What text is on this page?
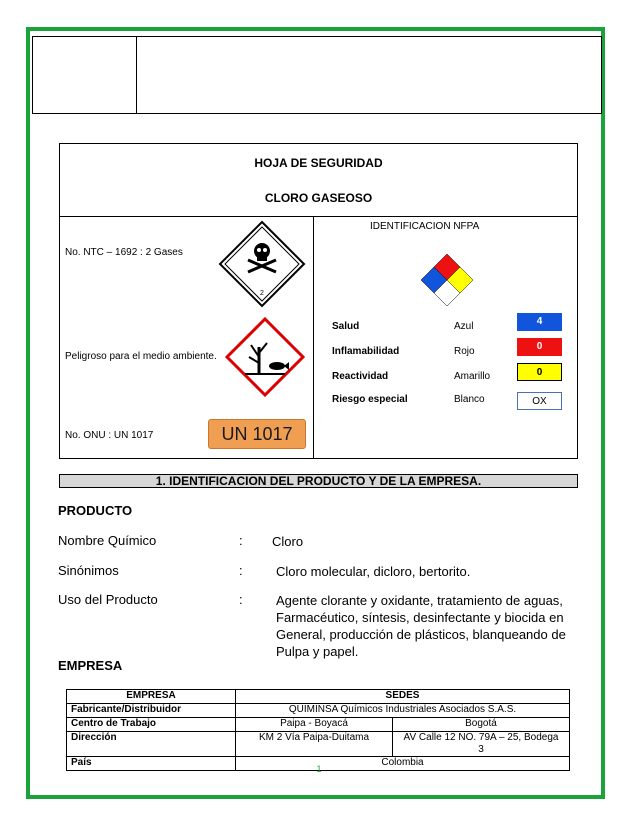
HOJA DE SEGURIDAD
CLORO GASEOSO
No. NTC – 1692 : 2 Gases
2
Peligroso para el medio ambiente.
No. ONU : UN 1017	UN 1017
IDENTIFICACION NFPA
Salud	Azul	4
Inflamabilidad	Rojo	0
Reactividad	Amarillo	0
Riesgo especial	Blanco	OX
1. IDENTIFICACION DEL PRODUCTO Y DE LA EMPRESA.
PRODUCTO
Nombre Químico	: Cloro
Sinónimos	:	Cloro molecular, dicloro, bertorito.
Uso del Producto	:	Agente clorante y oxidante, tratamiento de aguas,
Farmacéutico, síntesis, desinfectante y biocida en
General, producción de plásticos, blanqueando de
Pulpa y papel.
EMPRESA
EMPRESA	SEDES	
Fabricante/Distribuidor	QUIMINSA Químicos Industriales Asociados S.A.S.	
Centro de Trabajo	Paipa - Boyacá	Bogotá
Dirección	KM 2 Vía Paipa-Duitama	AV Calle 12 NO. 79A – 25, Bodega
3

País	Colombia	
1
